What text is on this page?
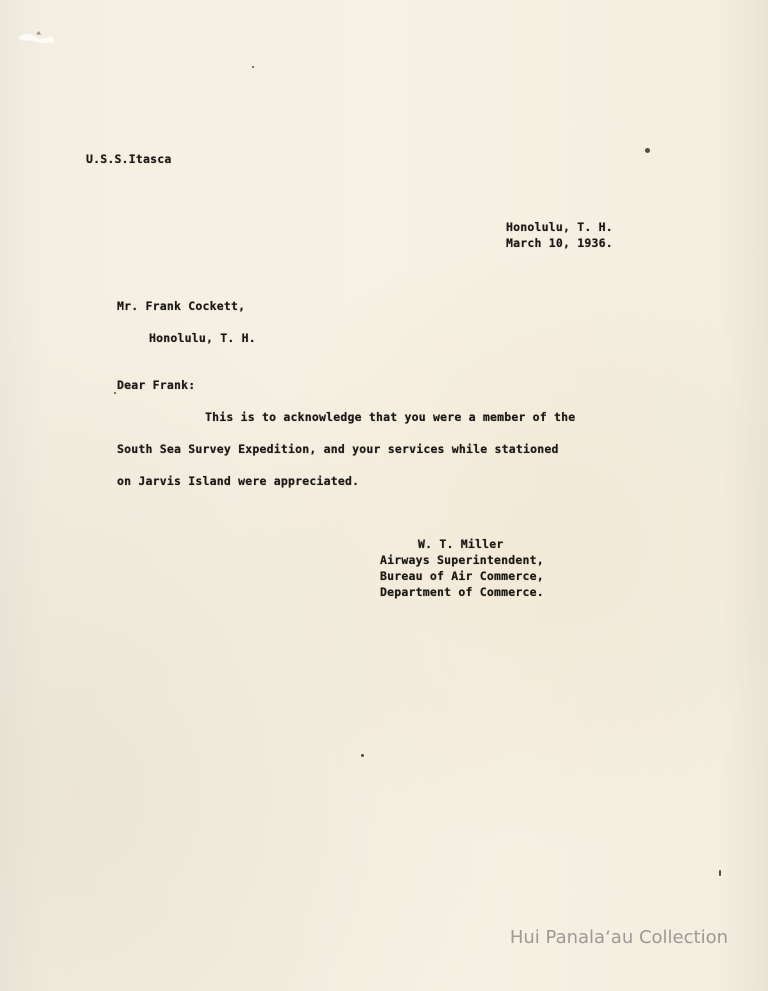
U.S.S.Itasca
Honolulu, T. H.
March 10, 1936.
Mr. Frank Cockett,
Honolulu, T. H.
Dear Frank:
This is to acknowledge that you were a member of the
South Sea Survey Expedition, and your services while stationed
on Jarvis Island were appreciated.
W. T. Miller
Airways Superintendent,
Bureau of Air Commerce,
Department of Commerce.
Hui Panalaʻau Collection
